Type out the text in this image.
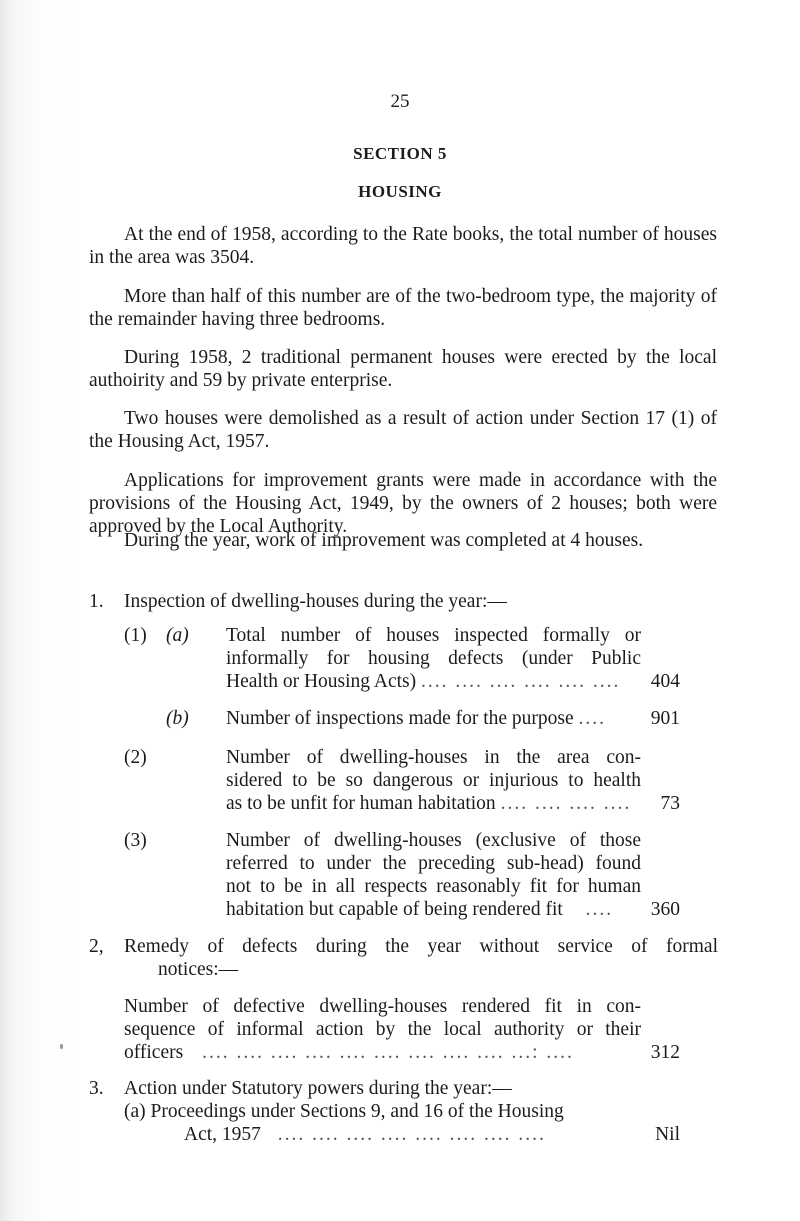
25
SECTION 5
HOUSING
At the end of 1958, according to the Rate books, the total number of houses in the area was 3504.
More than half of this number are of the two-bedroom type, the majority of the remainder having three bedrooms.
During 1958, 2 traditional permanent houses were erected by the local authoirity and 59 by private enterprise.
Two houses were demolished as a result of action under Section 17 (1) of the Housing Act, 1957.
Applications for improvement grants were made in accordance with the provisions of the Housing Act, 1949, by the owners of 2 houses; both were approved by the Local Authority.
During the year, work of improvement was completed at 4 houses.
1. Inspection of dwelling-houses during the year:—
(1) (a) Total number of houses inspected formally or
informally for housing defects (under Public
Health or Housing Acts) .... .... .... .... .... ....	404
(b) Number of inspections made for the purpose ....	901
(2)	Number of dwelling-houses in the area con-
sidered to be so dangerous or injurious to health
as to be unfit for human habitation .... .... .... ....	73
(3)	Number of dwelling-houses (exclusive of those
referred to under the preceding sub-head) found
not to be in all respects reasonably fit for human
habitation but capable of being rendered fit ....	360
2, Remedy of defects during the year without service of formal
notices:—
Number of defective dwelling-houses rendered fit in con-
sequence of informal action by the local authority or their
officers .... .... .... .... .... .... .... .... .... ...: ....	312
3. Action under Statutory powers during the year:—
(a) Proceedings under Sections 9, and 16 of the Housing
Act, 1957 .... .... .... .... .... .... .... ....	Nil
